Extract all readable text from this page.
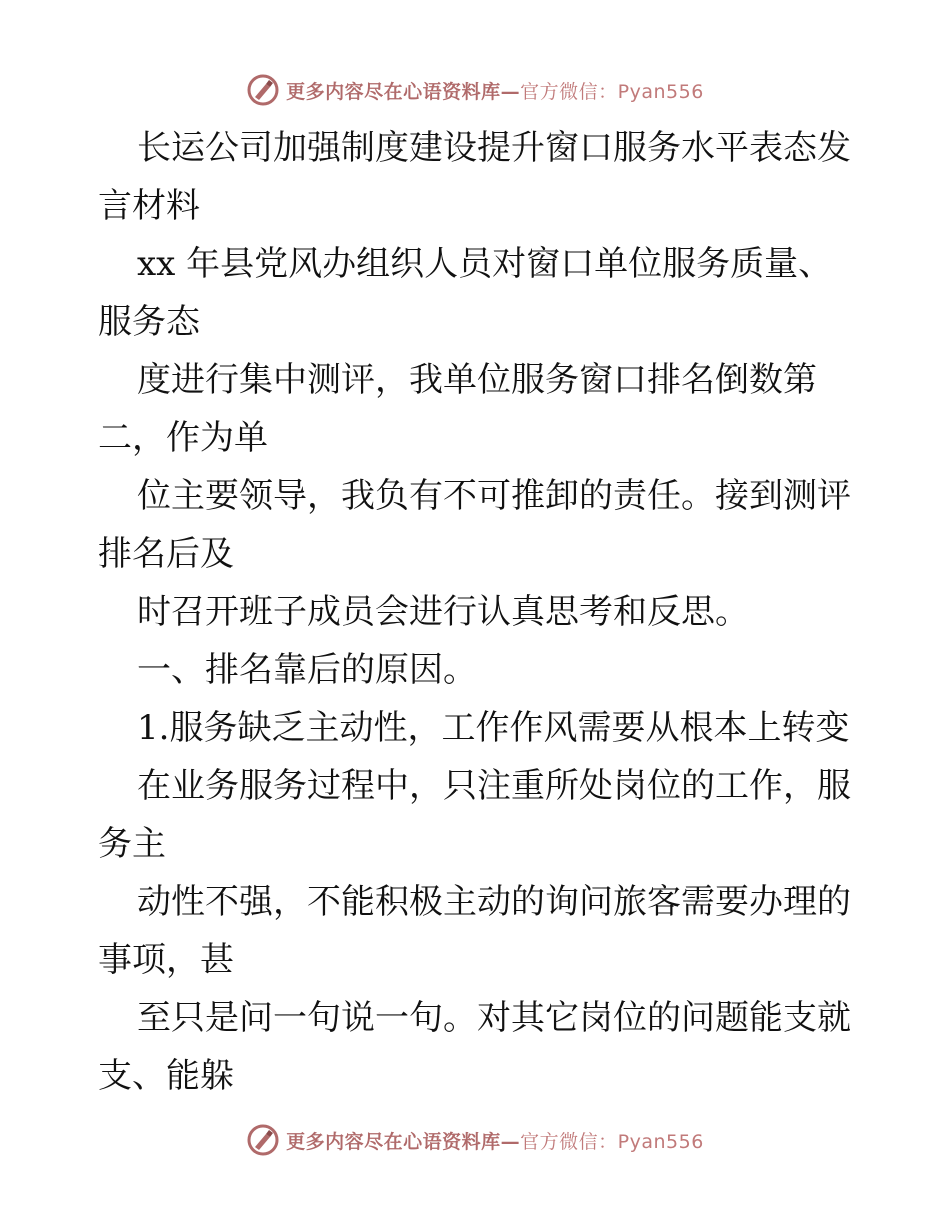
更多内容尽在心语资料库—官方微信：Pyan556
长运公司加强制度建设提升窗口服务水平表态发
言材料
xx 年县党风办组织人员对窗口单位服务质量、
服务态
度进行集中测评，我单位服务窗口排名倒数第
二，作为单
位主要领导，我负有不可推卸的责任。接到测评
排名后及
时召开班子成员会进行认真思考和反思。
一、排名靠后的原因。
1.服务缺乏主动性，工作作风需要从根本上转变
在业务服务过程中，只注重所处岗位的工作，服
务主
动性不强，不能积极主动的询问旅客需要办理的
事项，甚
至只是问一句说一句。对其它岗位的问题能支就
支、能躲
更多内容尽在心语资料库—官方微信：Pyan556
